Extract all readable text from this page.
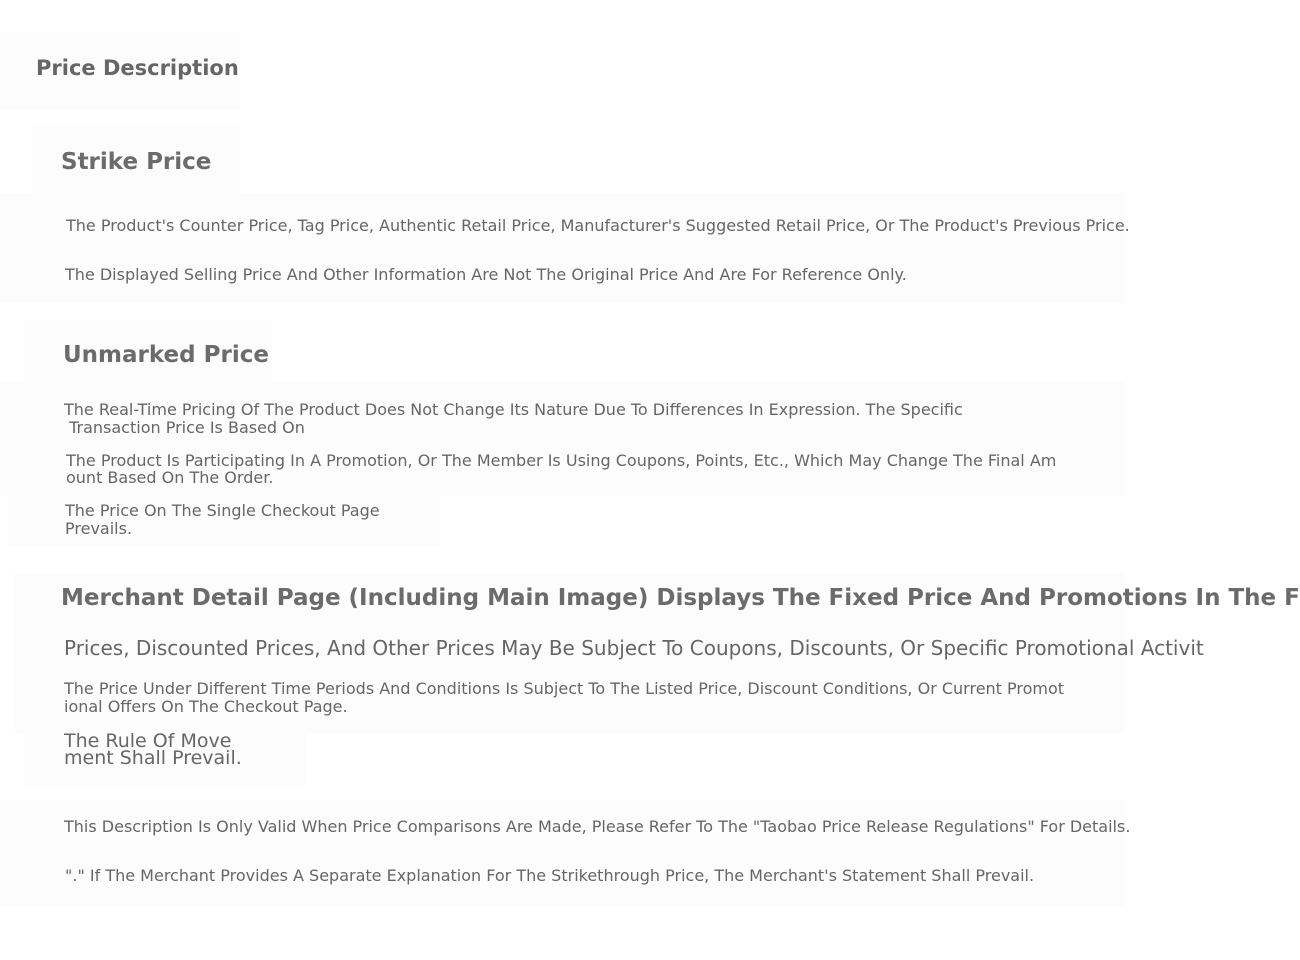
Price Description
Strike Price

The Product's Counter Price, Tag Price, Authentic Retail Price, Manufacturer's Suggested Retail Price, Or The Product's Previous Price.

The Displayed Selling Price And Other Information Are Not The Original Price And Are For Reference Only.

Unmarked Price

The Real-Time Pricing Of The Product Does Not Change Its Nature Due To Differences In Expression. The Specific

Transaction Price Is Based On

The Product Is Participating In A Promotion, Or The Member Is Using Coupons, Points, Etc., Which May Change The Final Am

ount Based On The Order.

The Price On The Single Checkout Page

Prevails.

Merchant Detail Page (Including Main Image) Displays The Fixed Price And Promotions In The F

Prices, Discounted Prices, And Other Prices May Be Subject To Coupons, Discounts, Or Specific Promotional Activit

The Price Under Different Time Periods And Conditions Is Subject To The Listed Price, Discount Conditions, Or Current Promot

ional Offers On The Checkout Page.

The Rule Of Move

ment Shall Prevail.

This Description Is Only Valid When Price Comparisons Are Made, Please Refer To The "Taobao Price Release Regulations" For Details.

"." If The Merchant Provides A Separate Explanation For The Strikethrough Price, The Merchant's Statement Shall Prevail.
